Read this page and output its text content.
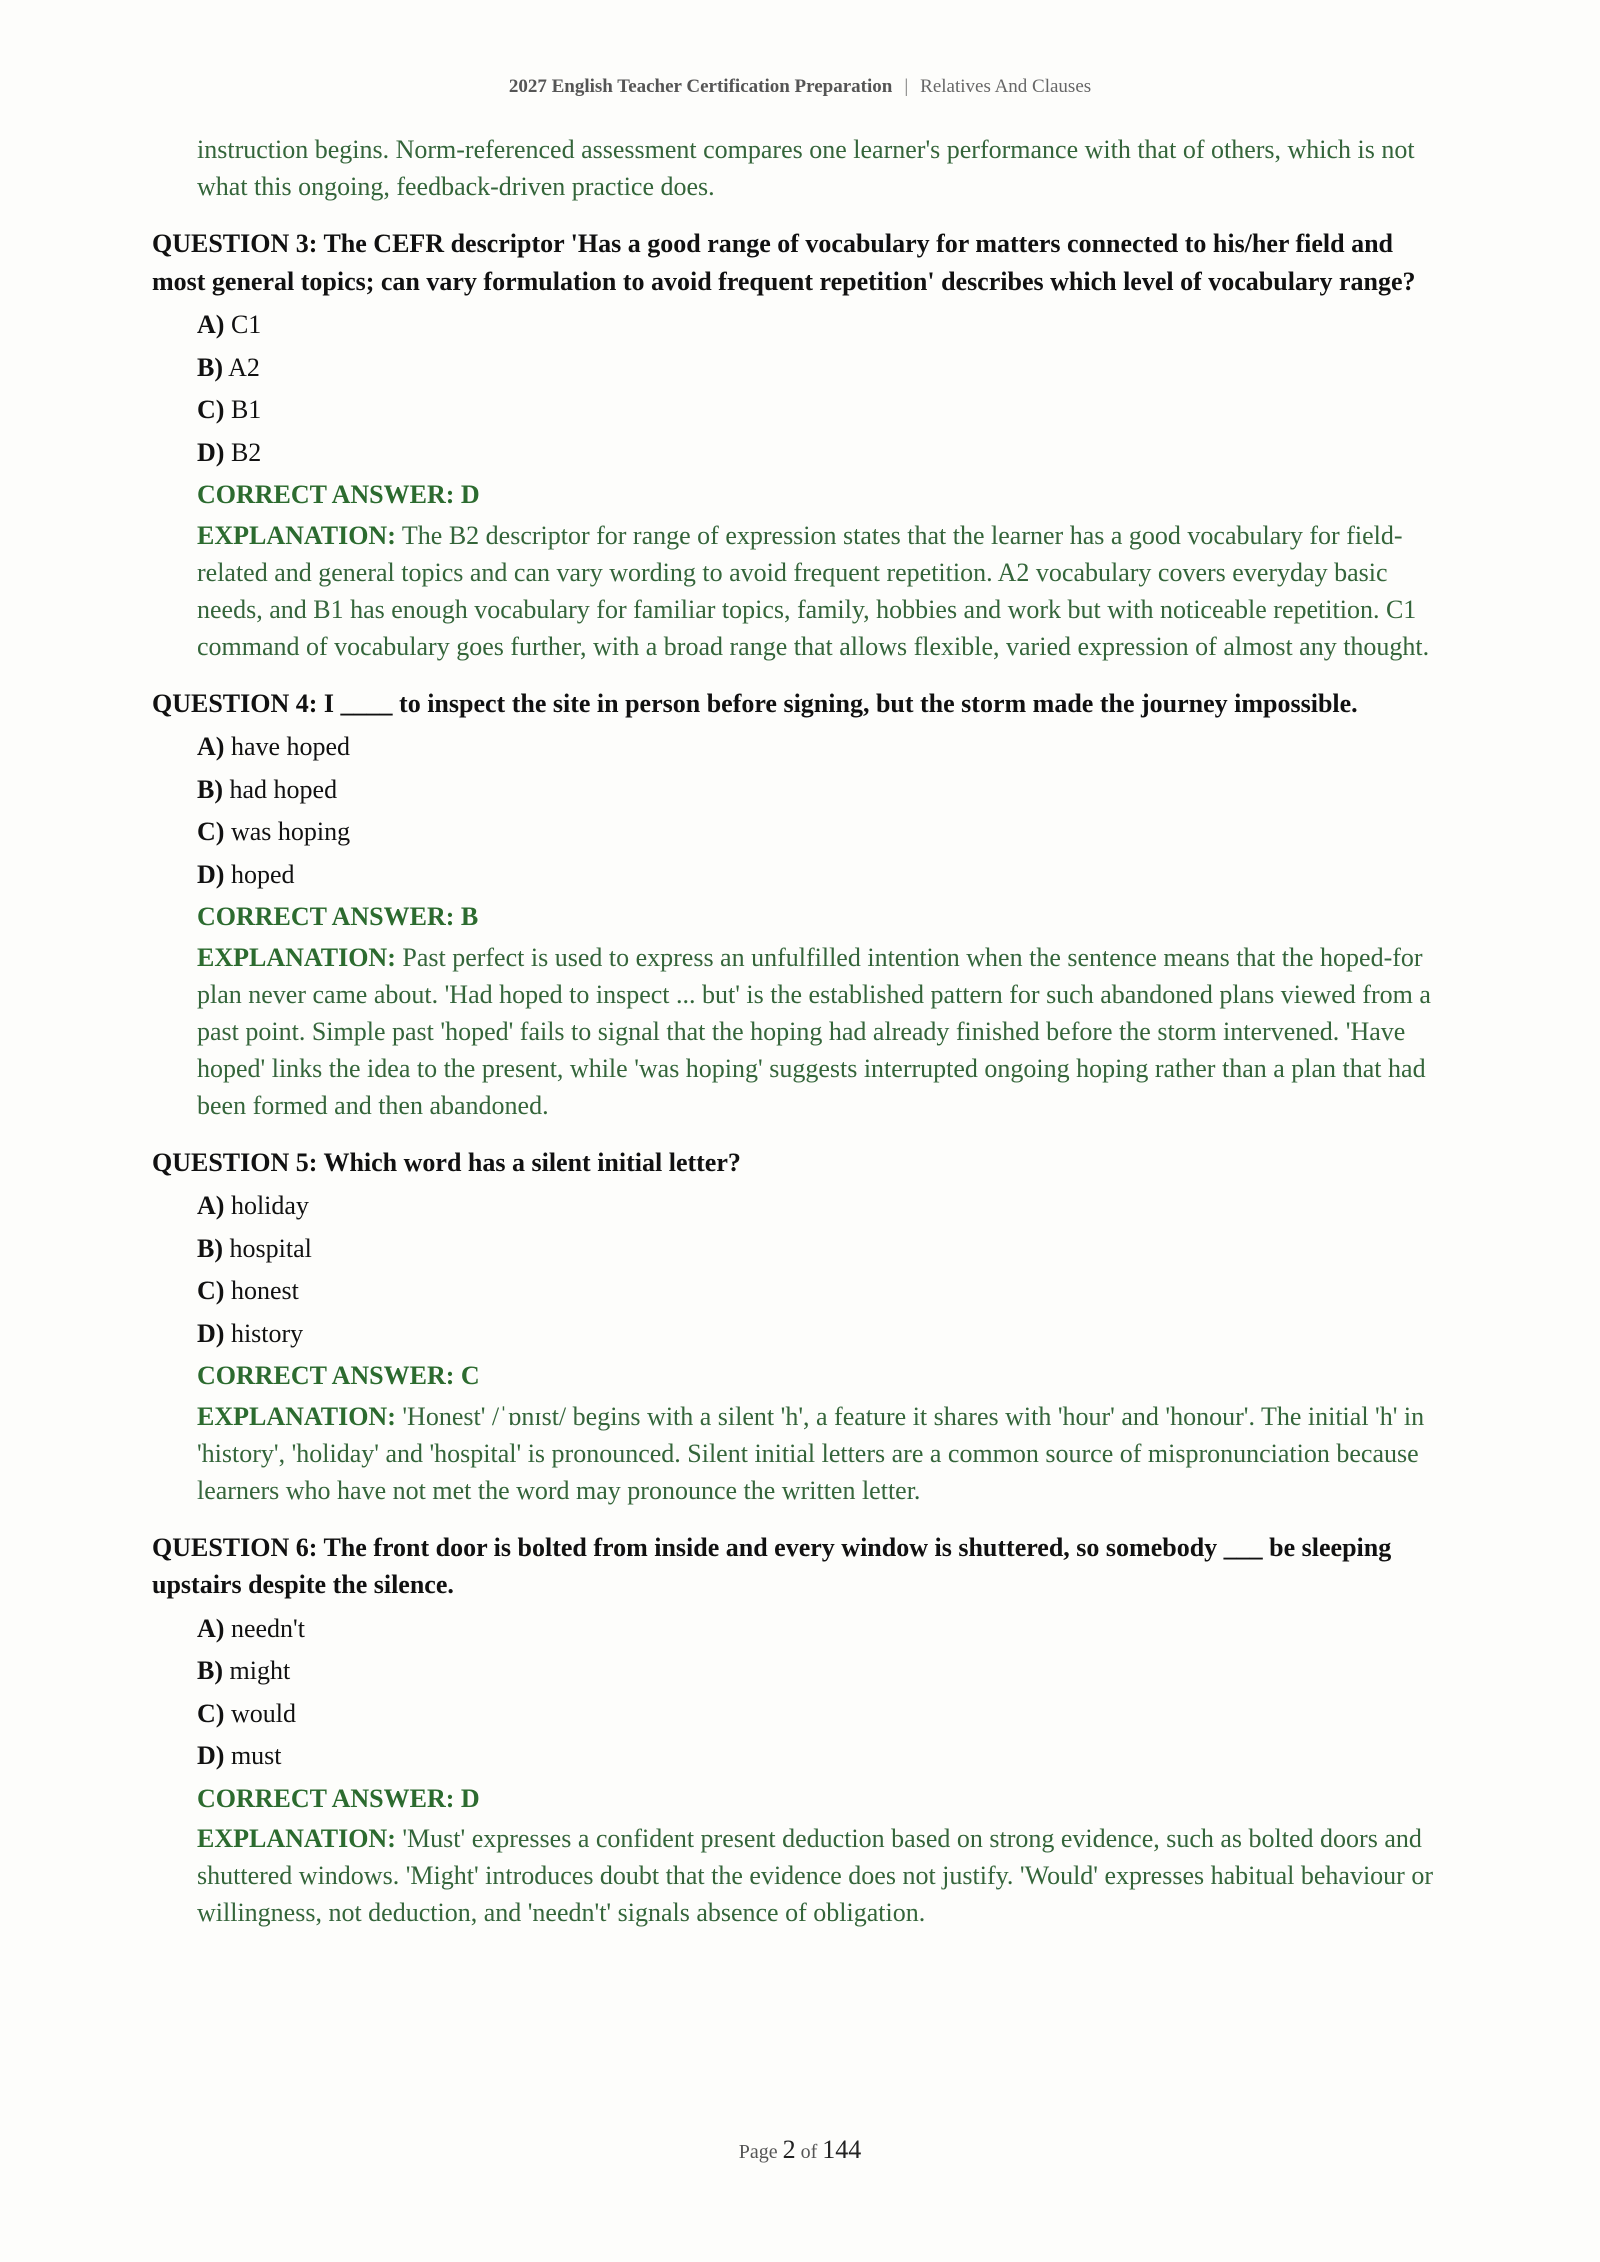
2027 English Teacher Certification Preparation | Relatives And Clauses

instruction begins. Norm-referenced assessment compares one learner's performance with that of others, which is not what this ongoing, feedback-driven practice does.

QUESTION 3: The CEFR descriptor 'Has a good range of vocabulary for matters connected to his/her field and most general topics; can vary formulation to avoid frequent repetition' describes which level of vocabulary range?

A) C1
B) A2
C) B1
D) B2
CORRECT ANSWER: D

EXPLANATION: The B2 descriptor for range of expression states that the learner has a good vocabulary for field-related and general topics and can vary wording to avoid frequent repetition. A2 vocabulary covers everyday basic needs, and B1 has enough vocabulary for familiar topics, family, hobbies and work but with noticeable repetition. C1 command of vocabulary goes further, with a broad range that allows flexible, varied expression of almost any thought.

QUESTION 4: I ____ to inspect the site in person before signing, but the storm made the journey impossible.

A) have hoped
B) had hoped
C) was hoping
D) hoped
CORRECT ANSWER: B

EXPLANATION: Past perfect is used to express an unfulfilled intention when the sentence means that the hoped-for plan never came about. 'Had hoped to inspect ... but' is the established pattern for such abandoned plans viewed from a past point. Simple past 'hoped' fails to signal that the hoping had already finished before the storm intervened. 'Have hoped' links the idea to the present, while 'was hoping' suggests interrupted ongoing hoping rather than a plan that had been formed and then abandoned.

QUESTION 5: Which word has a silent initial letter?

A) holiday
B) hospital
C) honest
D) history
CORRECT ANSWER: C

EXPLANATION: 'Honest' /ˈɒnɪst/ begins with a silent 'h', a feature it shares with 'hour' and 'honour'. The initial 'h' in 'history', 'holiday' and 'hospital' is pronounced. Silent initial letters are a common source of mispronunciation because learners who have not met the word may pronounce the written letter.

QUESTION 6: The front door is bolted from inside and every window is shuttered, so somebody ___ be sleeping upstairs despite the silence.

A) needn't
B) might
C) would
D) must
CORRECT ANSWER: D

EXPLANATION: 'Must' expresses a confident present deduction based on strong evidence, such as bolted doors and shuttered windows. 'Might' introduces doubt that the evidence does not justify. 'Would' expresses habitual behaviour or willingness, not deduction, and 'needn't' signals absence of obligation.

Page 2 of 144
